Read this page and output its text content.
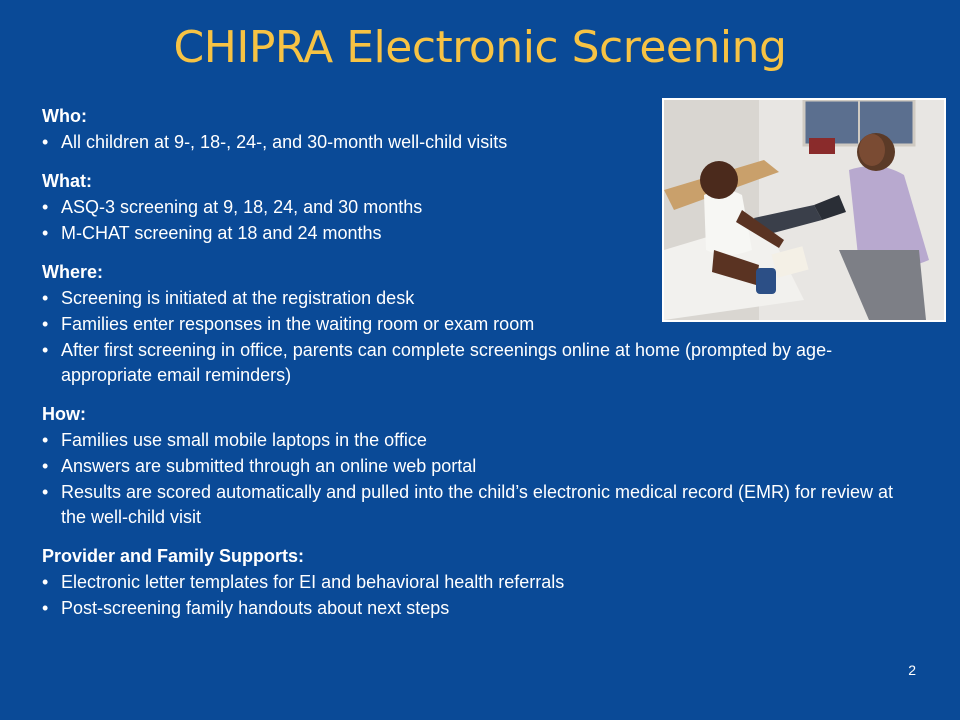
CHIPRA Electronic Screening

Who:

• All children at 9-, 18-, 24-, and 30-month well-child visits

What:

• ASQ-3 screening at 9, 18, 24, and 30 months
• M-CHAT screening at 18 and 24 months

Where:

• Screening is initiated at the registration desk
• Families enter responses in the waiting room or exam room
• After first screening in office, parents can complete screenings online at home (prompted by age-appropriate email reminders)

How:

• Families use small mobile laptops in the office
• Answers are submitted through an online web portal
• Results are scored automatically and pulled into the child’s electronic medical record (EMR) for review at the well-child visit

Provider and Family Supports:

• Electronic letter templates for EI and behavioral health referrals
• Post-screening family handouts about next steps
2
